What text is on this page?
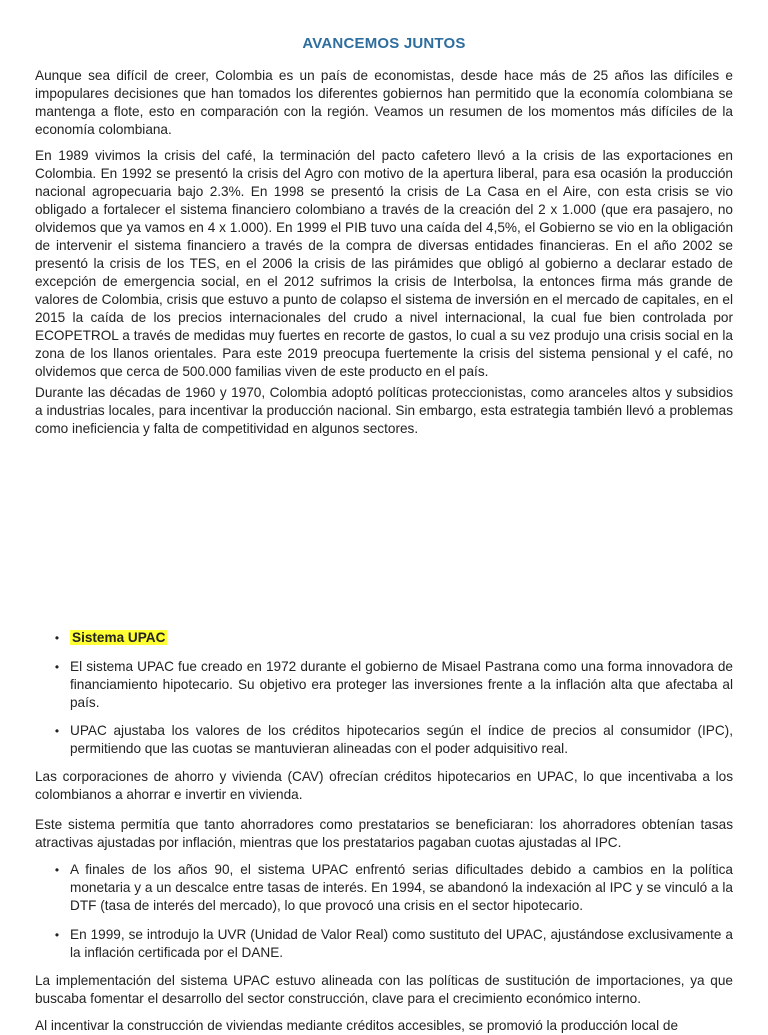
AVANCEMOS JUNTOS

Aunque sea difícil de creer, Colombia es un país de economistas, desde hace más de 25 años las difíciles e impopulares decisiones que han tomados los diferentes gobiernos han permitido que la economía colombiana se mantenga a flote, esto en comparación con la región. Veamos un resumen de los momentos más difíciles de la economía colombiana.

En 1989 vivimos la crisis del café, la terminación del pacto cafetero llevó a la crisis de las exportaciones en Colombia. En 1992 se presentó la crisis del Agro con motivo de la apertura liberal, para esa ocasión la producción nacional agropecuaria bajo 2.3%. En 1998 se presentó la crisis de La Casa en el Aire, con esta crisis se vio obligado a fortalecer el sistema financiero colombiano a través de la creación del 2 x 1.000 (que era pasajero, no olvidemos que ya vamos en 4 x 1.000). En 1999 el PIB tuvo una caída del 4,5%, el Gobierno se vio en la obligación de intervenir el sistema financiero a través de la compra de diversas entidades financieras. En el año 2002 se presentó la crisis de los TES, en el 2006 la crisis de las pirámides que obligó al gobierno a declarar estado de excepción de emergencia social, en el 2012 sufrimos la crisis de Interbolsa, la entonces firma más grande de valores de Colombia, crisis que estuvo a punto de colapso el sistema de inversión en el mercado de capitales, en el 2015 la caída de los precios internacionales del crudo a nivel internacional, la cual fue bien controlada por ECOPETROL a través de medidas muy fuertes en recorte de gastos, lo cual a su vez produjo una crisis social en la zona de los llanos orientales. Para este 2019 preocupa fuertemente la crisis del sistema pensional y el café, no olvidemos que cerca de 500.000 familias viven de este producto en el país.

Durante las décadas de 1960 y 1970, Colombia adoptó políticas proteccionistas, como aranceles altos y subsidios a industrias locales, para incentivar la producción nacional. Sin embargo, esta estrategia también llevó a problemas como ineficiencia y falta de competitividad en algunos sectores.

• Sistema UPAC

• El sistema UPAC fue creado en 1972 durante el gobierno de Misael Pastrana como una forma innovadora de financiamiento hipotecario. Su objetivo era proteger las inversiones frente a la inflación alta que afectaba al país.

• UPAC ajustaba los valores de los créditos hipotecarios según el índice de precios al consumidor (IPC), permitiendo que las cuotas se mantuvieran alineadas con el poder adquisitivo real.

Las corporaciones de ahorro y vivienda (CAV) ofrecían créditos hipotecarios en UPAC, lo que incentivaba a los colombianos a ahorrar e invertir en vivienda.

Este sistema permitía que tanto ahorradores como prestatarios se beneficiaran: los ahorradores obtenían tasas atractivas ajustadas por inflación, mientras que los prestatarios pagaban cuotas ajustadas al IPC.

• A finales de los años 90, el sistema UPAC enfrentó serias dificultades debido a cambios en la política monetaria y a un descalce entre tasas de interés. En 1994, se abandonó la indexación al IPC y se vinculó a la DTF (tasa de interés del mercado), lo que provocó una crisis en el sector hipotecario.

• En 1999, se introdujo la UVR (Unidad de Valor Real) como sustituto del UPAC, ajustándose exclusivamente a la inflación certificada por el DANE.

La implementación del sistema UPAC estuvo alineada con las políticas de sustitución de importaciones, ya que buscaba fomentar el desarrollo del sector construcción, clave para el crecimiento económico interno.

Al incentivar la construcción de viviendas mediante créditos accesibles, se promovió la producción local de
